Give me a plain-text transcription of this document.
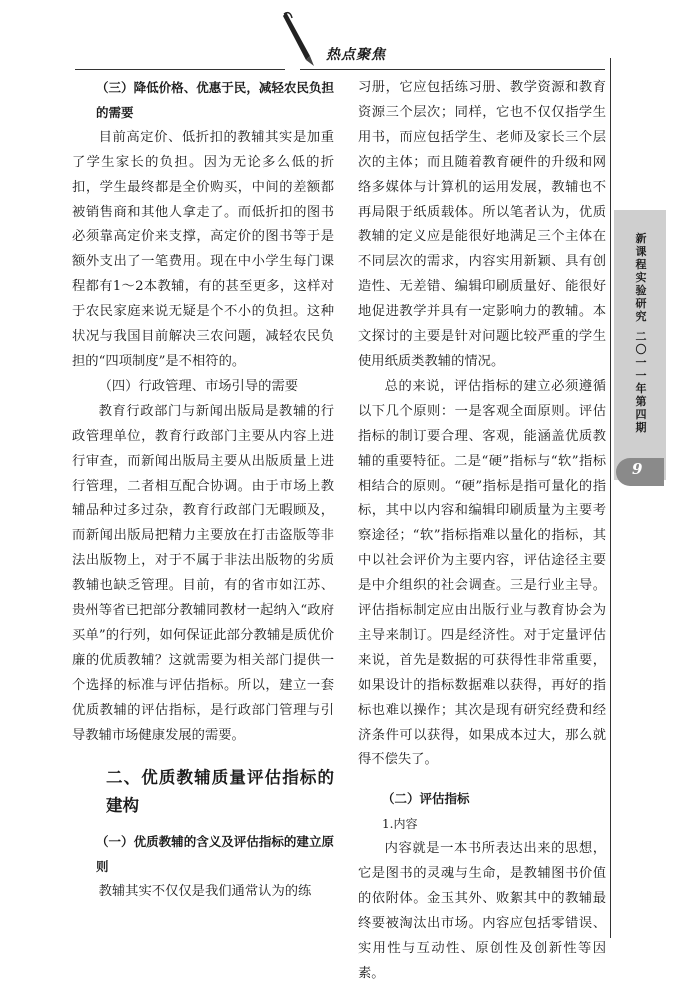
热点聚焦
（三）降低价格、优惠于民，减轻农民负担的需要

目前高定价、低折扣的教辅其实是加重了学生家长的负担。因为无论多么低的折扣，学生最终都是全价购买，中间的差额都被销售商和其他人拿走了。而低折扣的图书必须靠高定价来支撑，高定价的图书等于是额外支出了一笔费用。现在中小学生每门课程都有1～2本教辅，有的甚至更多，这样对于农民家庭来说无疑是个不小的负担。这种状况与我国目前解决三农问题，减轻农民负担的“四项制度”是不相符的。

（四）行政管理、市场引导的需要

教育行政部门与新闻出版局是教辅的行政管理单位，教育行政部门主要从内容上进行审查，而新闻出版局主要从出版质量上进行管理，二者相互配合协调。由于市场上教辅品种过多过杂，教育行政部门无暇顾及，而新闻出版局把精力主要放在打击盗版等非法出版物上，对于不属于非法出版物的劣质教辅也缺乏管理。目前，有的省市如江苏、贵州等省已把部分教辅同教材一起纳入“政府买单”的行列，如何保证此部分教辅是质优价廉的优质教辅？这就需要为相关部门提供一个选择的标准与评估指标。所以，建立一套优质教辅的评估指标，是行政部门管理与引导教辅市场健康发展的需要。

二、优质教辅质量评估指标的建构
（一）优质教辅的含义及评估指标的建立原则

教辅其实不仅仅是我们通常认为的练

习册，它应包括练习册、教学资源和教育资源三个层次；同样，它也不仅仅指学生用书，而应包括学生、老师及家长三个层次的主体；而且随着教育硬件的升级和网络多媒体与计算机的运用发展，教辅也不再局限于纸质载体。所以笔者认为，优质教辅的定义应是能很好地满足三个主体在不同层次的需求，内容实用新颖、具有创造性、无差错、编辑印刷质量好、能很好地促进教学并具有一定影响力的教辅。本文探讨的主要是针对问题比较严重的学生使用纸质类教辅的情况。

总的来说，评估指标的建立必须遵循以下几个原则：一是客观全面原则。评估指标的制订要合理、客观，能涵盖优质教辅的重要特征。二是“硬”指标与“软”指标相结合的原则。“硬”指标是指可量化的指标，其中以内容和编辑印刷质量为主要考察途径；“软”指标指难以量化的指标，其中以社会评价为主要内容，评估途径主要是中介组织的社会调查。三是行业主导。评估指标制定应由出版行业与教育协会为主导来制订。四是经济性。对于定量评估来说，首先是数据的可获得性非常重要，如果设计的指标数据难以获得，再好的指标也难以操作；其次是现有研究经费和经济条件可以获得，如果成本过大，那么就得不偿失了。

（二）评估指标

1.内容

内容就是一本书所表达出来的思想，它是图书的灵魂与生命，是教辅图书价值的依附体。金玉其外、败絮其中的教辅最终要被淘汰出市场。内容应包括零错误、实用性与互动性、原创性及创新性等因素。

新课程实验研究
二〇一一年第四期
9
